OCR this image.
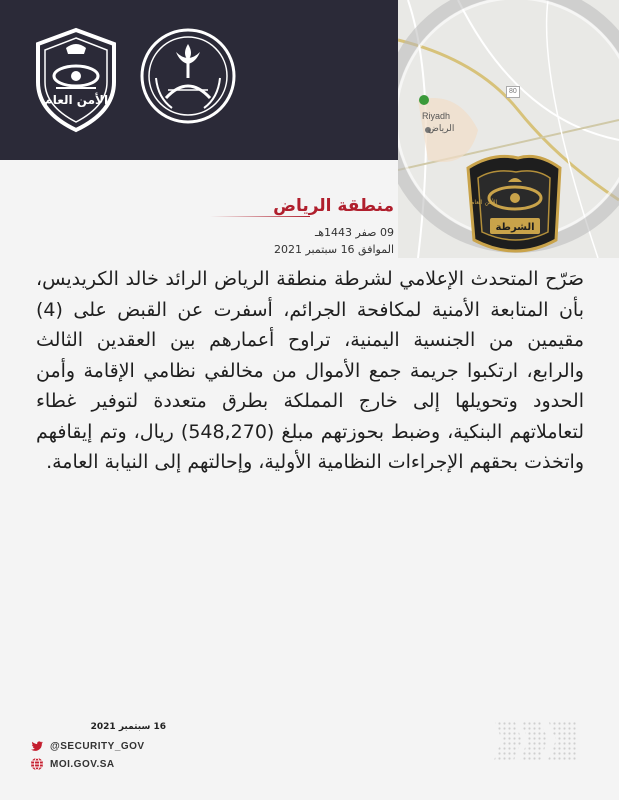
الأمن العام
الشرطة
الأمن العام
Riyadh
الرياض
80
منطقة الرياض
09 صفر 1443هـ
الموافق 16 سبتمبر 2021
صَرّح المتحدث الإعلامي لشرطة منطقة الرياض الرائد خالد الكريديس، بأن المتابعة الأمنية لمكافحة الجرائم، أسفرت عن القبض على (4) مقيمين من الجنسية اليمنية، تراوح أعمارهم بين العقدين الثالث والرابع، ارتكبوا جريمة جمع الأموال من مخالفي نظامي الإقامة وأمن الحدود وتحويلها إلى خارج المملكة بطرق متعددة لتوفير غطاء لتعاملاتهم البنكية، وضبط بحوزتهم مبلغ (548,270) ريال، وتم إيقافهم واتخذت بحقهم الإجراءات النظامية الأولية، وإحالتهم إلى النيابة العامة.
16 سبتمبر 2021
@SECURITY_GOV
MOI.GOV.SA
